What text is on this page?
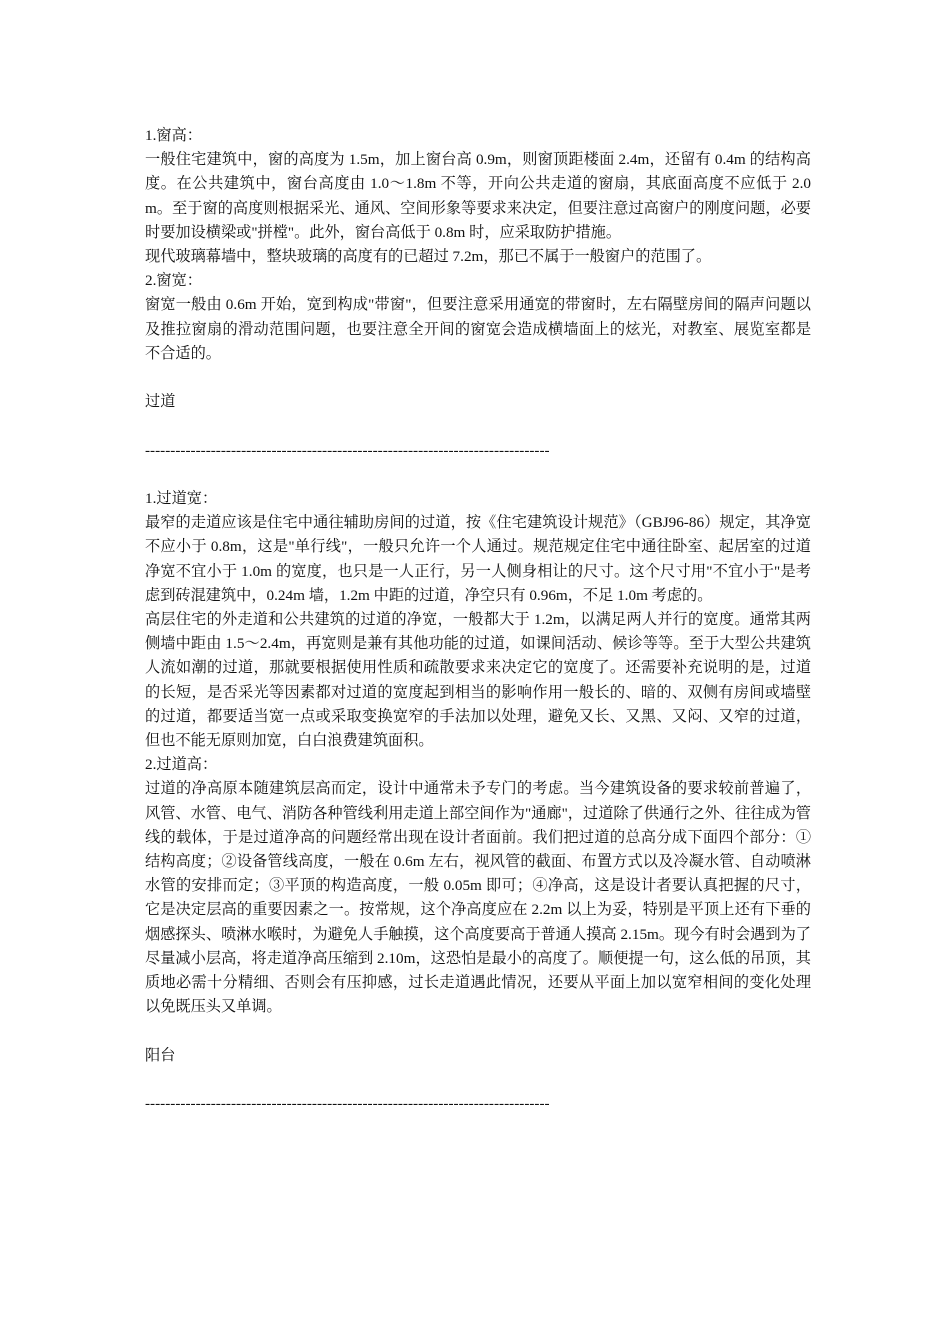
1.窗高：

一般住宅建筑中，窗的高度为 1.5m，加上窗台高 0.9m，则窗顶距楼面 2.4m，还留有 0.4m 的结构高度。在公共建筑中，窗台高度由 1.0～1.8m 不等，开向公共走道的窗扇，其底面高度不应低于 2.0m。至于窗的高度则根据采光、通风、空间形象等要求来决定，但要注意过高窗户的刚度问题，必要时要加设横梁或"拼樘"。此外，窗台高低于 0.8m 时，应采取防护措施。

现代玻璃幕墙中，整块玻璃的高度有的已超过 7.2m，那已不属于一般窗户的范围了。

2.窗宽：

窗宽一般由 0.6m 开始，宽到构成"带窗"，但要注意采用通宽的带窗时，左右隔壁房间的隔声问题以及推拉窗扇的滑动范围问题，也要注意全开间的窗宽会造成横墙面上的炫光，对教室、展览室都是不合适的。

过道

--------------------------------------------------------------------------------

1.过道宽：

最窄的走道应该是住宅中通往辅助房间的过道，按《住宅建筑设计规范》（GBJ96-86）规定，其净宽不应小于 0.8m，这是"单行线"，一般只允许一个人通过。规范规定住宅中通往卧室、起居室的过道净宽不宜小于 1.0m 的宽度，也只是一人正行，另一人侧身相让的尺寸。这个尺寸用"不宜小于"是考虑到砖混建筑中，0.24m 墙，1.2m 中距的过道，净空只有 0.96m，不足 1.0m 考虑的。

高层住宅的外走道和公共建筑的过道的净宽，一般都大于 1.2m，以满足两人并行的宽度。通常其两侧墙中距由 1.5～2.4m，再宽则是兼有其他功能的过道，如课间活动、候诊等等。至于大型公共建筑人流如潮的过道，那就要根据使用性质和疏散要求来决定它的宽度了。还需要补充说明的是，过道的长短，是否采光等因素都对过道的宽度起到相当的影响作用一般长的、暗的、双侧有房间或墙壁的过道，都要适当宽一点或采取变换宽窄的手法加以处理，避免又长、又黑、又闷、又窄的过道，但也不能无原则加宽，白白浪费建筑面积。

2.过道高：

过道的净高原本随建筑层高而定，设计中通常未予专门的考虑。当今建筑设备的要求较前普遍了，风管、水管、电气、消防各种管线利用走道上部空间作为"通廊"，过道除了供通行之外、往往成为管线的载体，于是过道净高的问题经常出现在设计者面前。我们把过道的总高分成下面四个部分：①结构高度；②设备管线高度，一般在 0.6m 左右，视风管的截面、布置方式以及冷凝水管、自动喷淋水管的安排而定；③平顶的构造高度，一般 0.05m 即可；④净高，这是设计者要认真把握的尺寸，它是决定层高的重要因素之一。按常规，这个净高度应在 2.2m 以上为妥，特别是平顶上还有下垂的烟感探头、喷淋水喉时，为避免人手触摸，这个高度要高于普通人摸高 2.15m。现今有时会遇到为了尽量减小层高，将走道净高压缩到 2.10m，这恐怕是最小的高度了。顺便提一句，这么低的吊顶，其质地必需十分精细、否则会有压抑感，过长走道遇此情况，还要从平面上加以宽窄相间的变化处理以免既压头又单调。

阳台

--------------------------------------------------------------------------------
